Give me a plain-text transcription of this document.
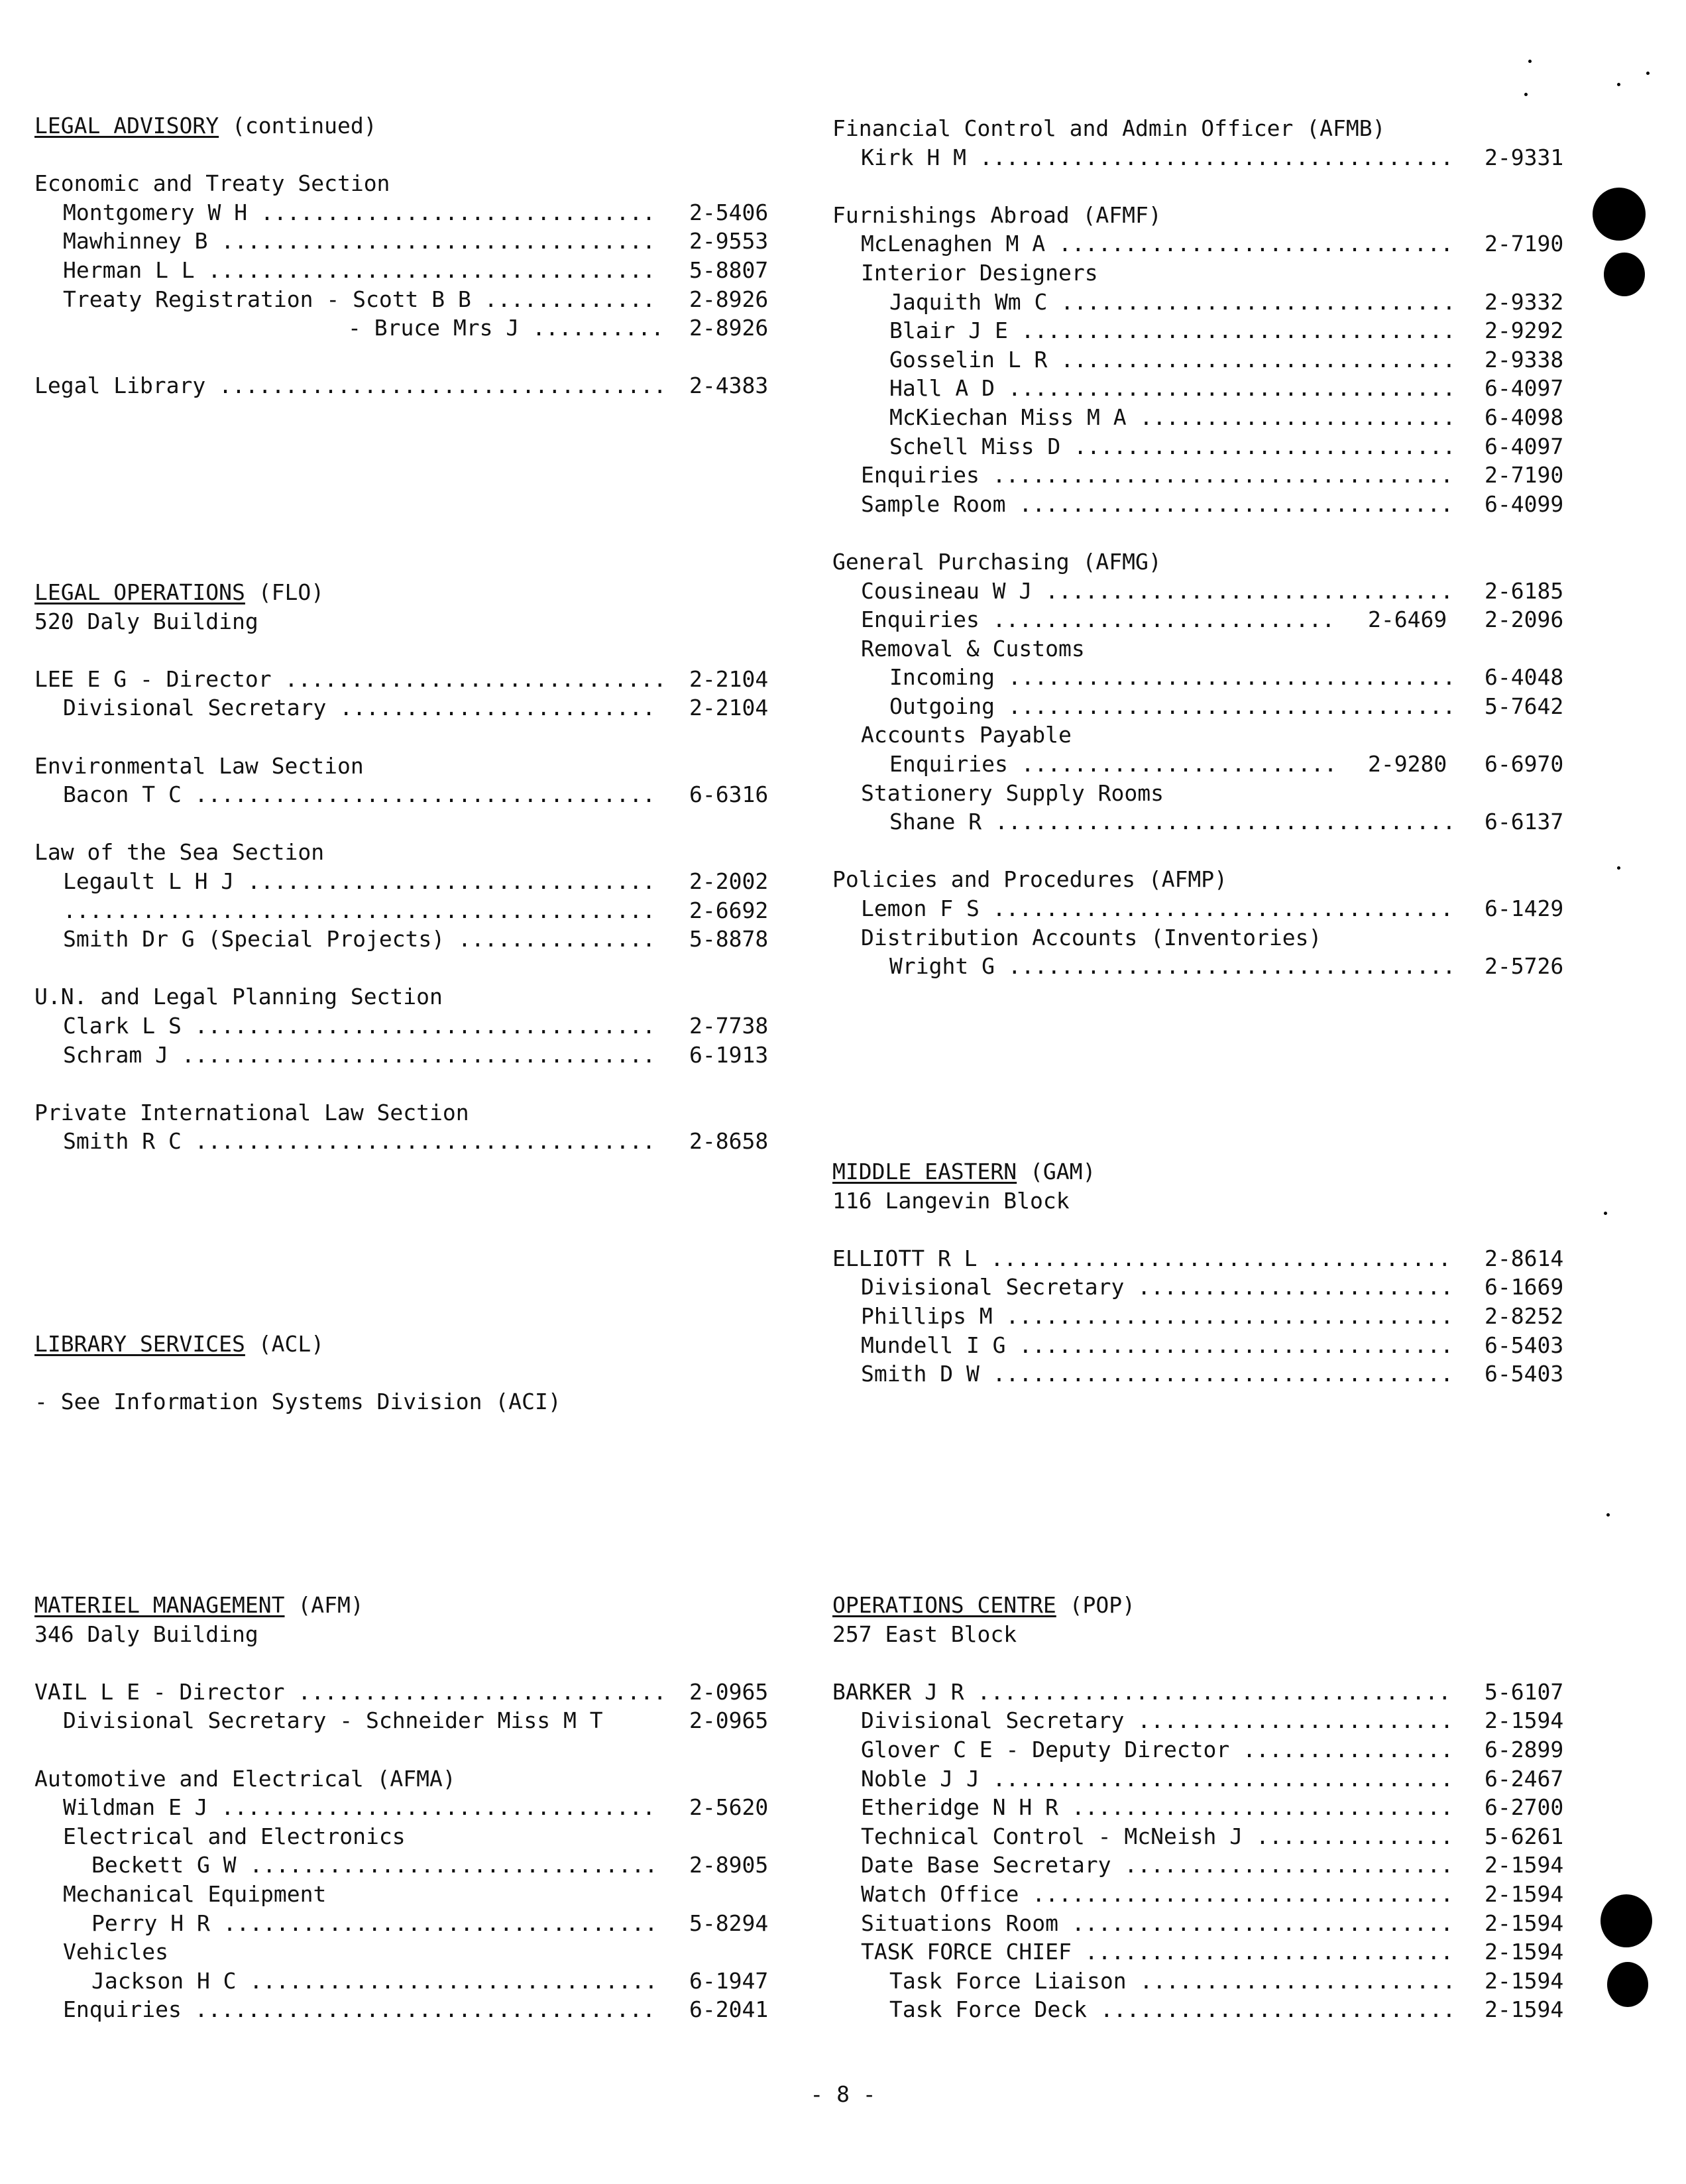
LEGAL ADVISORY (continued)
Economic and Treaty Section
Montgomery W H ..............................	2-5406
Mawhinney B .................................	2-9553
Herman L L ..................................	5-8807
Treaty Registration - Scott B B .............	2-8926
- Bruce Mrs J ..........	2-8926
Legal Library ..................................	2-4383
LEGAL OPERATIONS (FLO)
520 Daly Building
LEE E G - Director .............................	2-2104
Divisional Secretary ........................	2-2104
Environmental Law Section
Bacon T C ...................................	6-6316
Law of the Sea Section
Legault L H J ...............................	2-2002
.............................................	2-6692
Smith Dr G (Special Projects) ...............	5-8878
U.N. and Legal Planning Section
Clark L S ...................................	2-7738
Schram J ....................................	6-1913
Private International Law Section
Smith R C ...................................	2-8658
LIBRARY SERVICES (ACL)
- See Information Systems Division (ACI)
MATERIEL MANAGEMENT (AFM)
346 Daly Building
VAIL L E - Director ............................	2-0965
Divisional Secretary - Schneider Miss M T	2-0965
Automotive and Electrical (AFMA)
Wildman E J .................................	2-5620
Electrical and Electronics
Beckett G W ...............................	2-8905
Mechanical Equipment
Perry H R .................................	5-8294
Vehicles
Jackson H C ...............................	6-1947
Enquiries ...................................	6-2041
Financial Control and Admin Officer (AFMB)
Kirk H M ....................................	2-9331
Furnishings Abroad (AFMF)
McLenaghen M A ..............................	2-7190
Interior Designers
Jaquith Wm C ..............................	2-9332
Blair J E .................................	2-9292
Gosselin L R ..............................	2-9338
Hall A D ..................................	6-4097
McKiechan Miss M A ........................	6-4098
Schell Miss D .............................	6-4097
Enquiries ...................................	2-7190
Sample Room .................................	6-4099
General Purchasing (AFMG)
Cousineau W J ...............................	2-6185
Enquiries ..........................	2-6469 2-2096
Removal & Customs
Incoming ..................................	6-4048
Outgoing ..................................	5-7642
Accounts Payable
Enquiries ........................	2-9280 6-6970
Stationery Supply Rooms
Shane R ...................................	6-6137
Policies and Procedures (AFMP)
Lemon F S ...................................	6-1429
Distribution Accounts (Inventories)
Wright G ..................................	2-5726
MIDDLE EASTERN (GAM)
116 Langevin Block
ELLIOTT R L ...................................	2-8614
Divisional Secretary ........................	6-1669
Phillips M ..................................	2-8252
Mundell I G .................................	6-5403
Smith D W ...................................	6-5403
OPERATIONS CENTRE (POP)
257 East Block
BARKER J R ....................................	5-6107
Divisional Secretary ........................	2-1594
Glover C E - Deputy Director ................	6-2899
Noble J J ...................................	6-2467
Etheridge N H R .............................	6-2700
Technical Control - McNeish J ...............	5-6261
Date Base Secretary .........................	2-1594
Watch Office ................................	2-1594
Situations Room .............................	2-1594
TASK FORCE CHIEF ............................	2-1594
Task Force Liaison ........................	2-1594
Task Force Deck ...........................	2-1594
- 8 -
